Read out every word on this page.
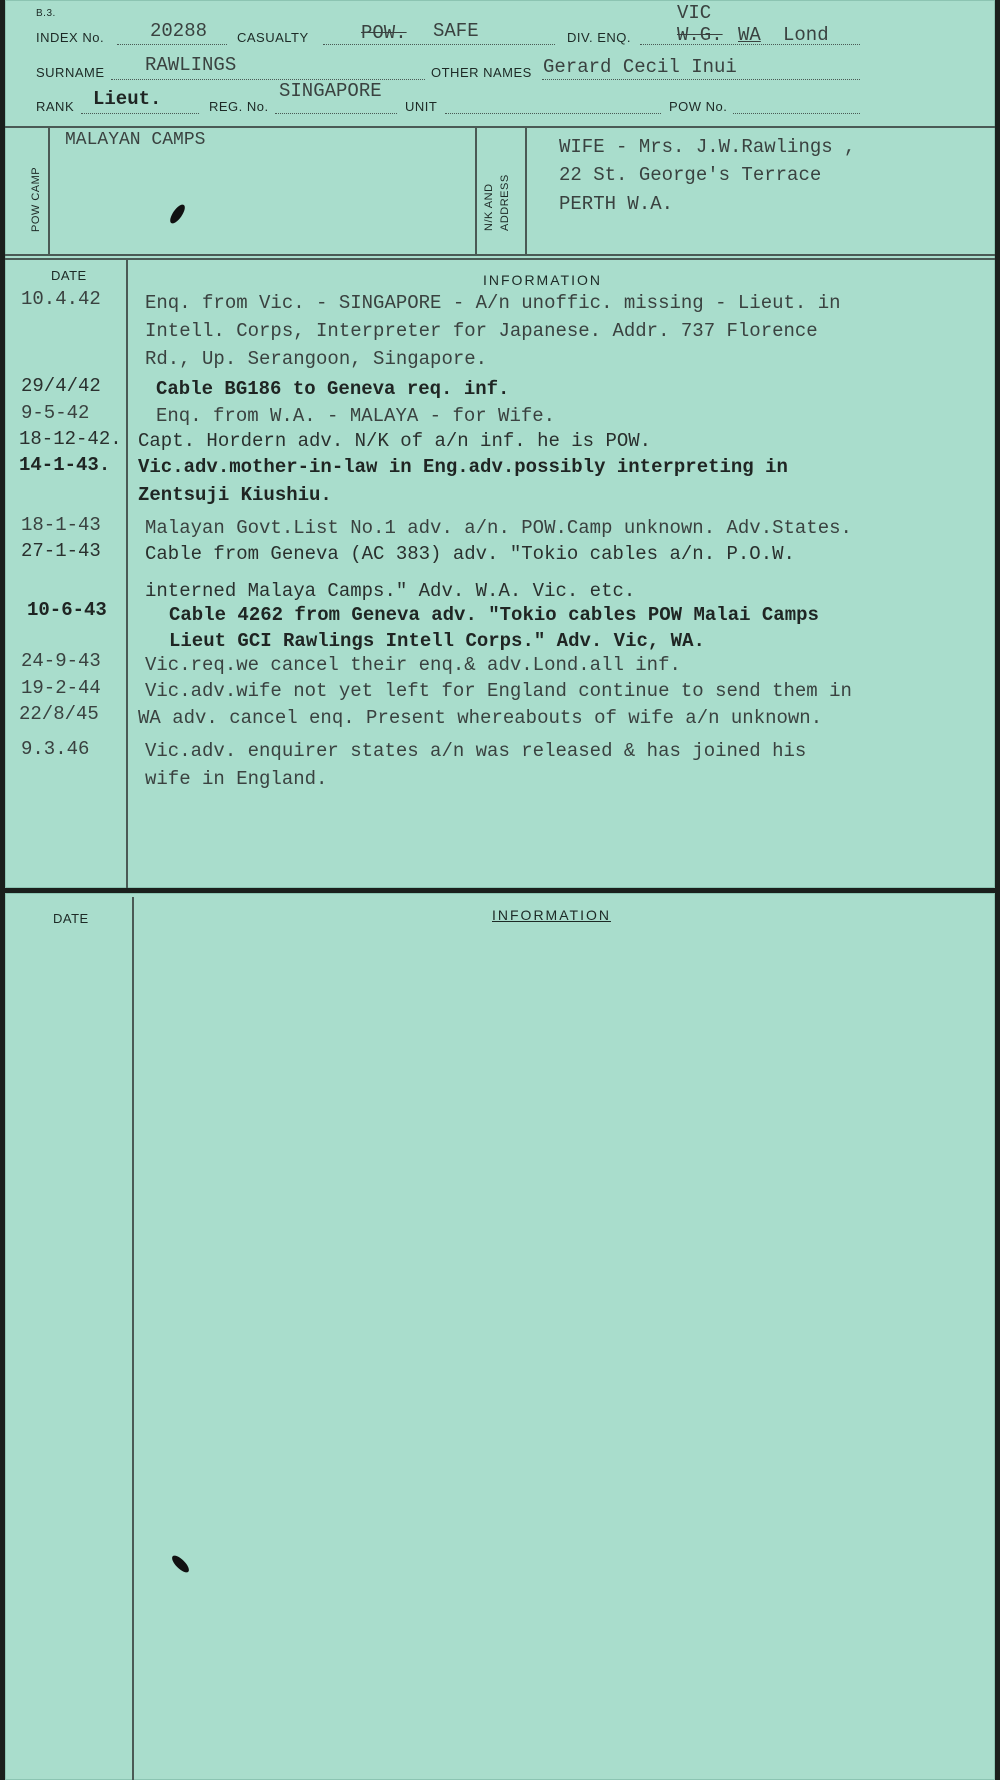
B.3.
INDEX No. 20288 CASUALTY	POW. SAFE	DIV. ENQ.
VIC
W.G. WA Lond
SURNAME RAWLINGS	OTHER NAMES Gerard Cecil Inui
RANK Lieut.	REG. No.
SINGAPORE
UNIT	POW No.
POW CAMP
MALAYAN CAMPS
N/K AND ADDRESS
WIFE - Mrs. J.W.Rawlings ,
22 St. George's Terrace
PERTH W.A.
DATE	INFORMATION
10.4.42 Enq. from Vic. - SINGAPORE - A/n unoffic. missing - Lieut. in
Intell. Corps, Interpreter for Japanese. Addr. 737 Florence
Rd., Up. Serangoon, Singapore.
29/4/42	Cable BG186 to Geneva req. inf.
9-5-42	Enq. from W.A. - MALAYA - for Wife.
18-12-42. Capt. Hordern adv. N/K of a/n inf. he is POW.
14-1-43. Vic.adv.mother-in-law in Eng.adv.possibly interpreting in
Zentsuji Kiushiu.
18-1-43 Malayan Govt.List No.1 adv. a/n. POW.Camp unknown. Adv.States.
27-1-43 Cable from Geneva (AC 383) adv. "Tokio cables a/n. P.O.W.
interned Malaya Camps." Adv. W.A. Vic. etc.
10-6-43	Cable 4262 from Geneva adv. "Tokio cables POW Malai Camps
Lieut GCI Rawlings Intell Corps." Adv. Vic, WA.
24-9-43 Vic.req.we cancel their enq.& adv.Lond.all inf.
19-2-44 Vic.adv.wife not yet left for England continue to send them in
22/8/45 WA adv. cancel enq. Present whereabouts of wife a/n unknown.
9.3.46	Vic.adv. enquirer states a/n was released & has joined his
wife in England.
DATE	INFORMATION
